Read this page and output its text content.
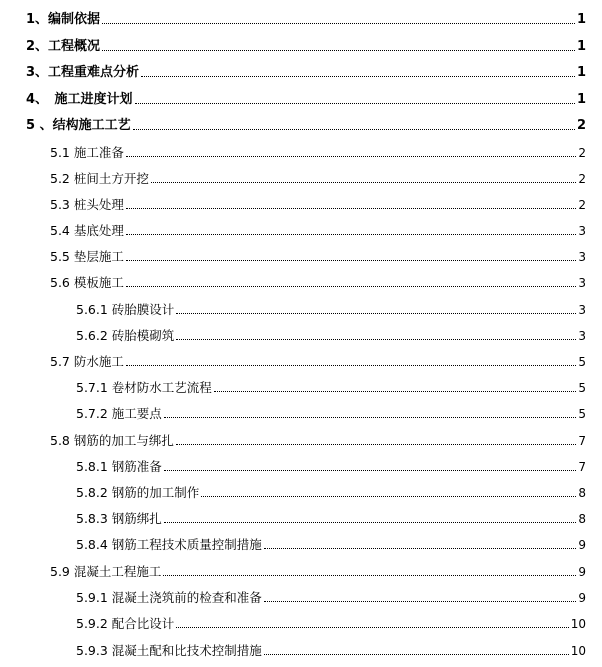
1、编制依据	1
2、工程概况	1
3、工程重难点分析	1
4、　施工进度计划	1
5 、结构施工工艺	2
5.1 施工准备	2
5.2 桩间土方开挖	2
5.3 桩头处理	2
5.4 基底处理	3
5.5 垫层施工	3
5.6 模板施工	3
5.6.1 砖胎膜设计	3
5.6.2 砖胎模砌筑	3
5.7 防水施工	5
5.7.1 卷材防水工艺流程	5
5.7.2 施工要点	5
5.8 钢筋的加工与绑扎	7
5.8.1 钢筋准备	7
5.8.2 钢筋的加工制作	8
5.8.3 钢筋绑扎	8
5.8.4 钢筋工程技术质量控制措施	9
5.9 混凝土工程施工	9
5.9.1 混凝土浇筑前的检查和准备	9
5.9.2 配合比设计	10
5.9.3 混凝土配和比技术控制措施	10
